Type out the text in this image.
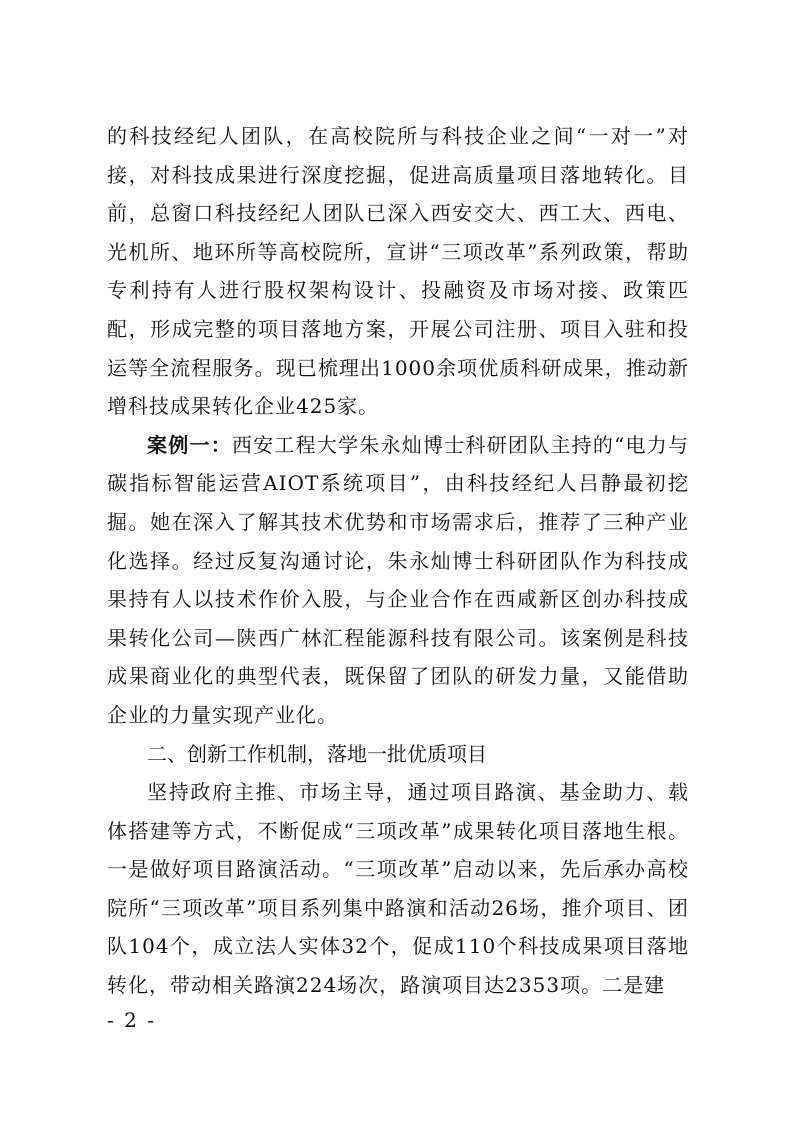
的科技经纪人团队，在高校院所与科技企业之间“一对一”对接，对科技成果进行深度挖掘，促进高质量项目落地转化。目前，总窗口科技经纪人团队已深入西安交大、西工大、西电、光机所、地环所等高校院所，宣讲“三项改革”系列政策，帮助专利持有人进行股权架构设计、投融资及市场对接、政策匹配，形成完整的项目落地方案，开展公司注册、项目入驻和投运等全流程服务。现已梳理出1000余项优质科研成果，推动新增科技成果转化企业425家。

案例一：西安工程大学朱永灿博士科研团队主持的“电力与碳指标智能运营AIOT系统项目”，由科技经纪人吕静最初挖掘。她在深入了解其技术优势和市场需求后，推荐了三种产业化选择。经过反复沟通讨论，朱永灿博士科研团队作为科技成果持有人以技术作价入股，与企业合作在西咸新区创办科技成果转化公司—陕西广林汇程能源科技有限公司。该案例是科技成果商业化的典型代表，既保留了团队的研发力量，又能借助企业的力量实现产业化。

二、创新工作机制，落地一批优质项目

坚持政府主推、市场主导，通过项目路演、基金助力、载体搭建等方式，不断促成“三项改革”成果转化项目落地生根。一是做好项目路演活动。“三项改革”启动以来，先后承办高校院所“三项改革”项目系列集中路演和活动26场，推介项目、团队104个，成立法人实体32个，促成110个科技成果项目落地转化，带动相关路演224场次，路演项目达2353项。二是建

- 2 -
